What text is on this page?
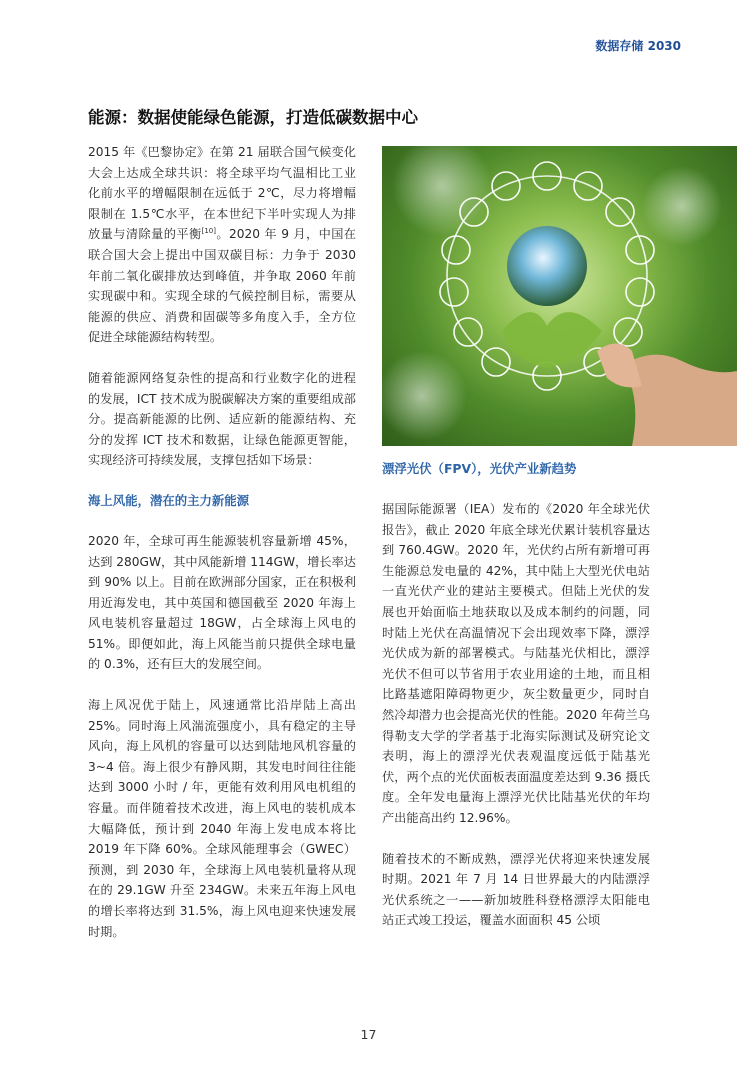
数据存储 2030
能源：数据使能绿色能源，打造低碳数据中心

2015 年《巴黎协定》在第 21 届联合国气候变化大会上达成全球共识：将全球平均气温相比工业化前水平的增幅限制在远低于 2℃，尽力将增幅限制在 1.5℃水平，在本世纪下半叶实现人为排放量与清除量的平衡[10]。2020 年 9 月，中国在联合国大会上提出中国双碳目标：力争于 2030 年前二氧化碳排放达到峰值，并争取 2060 年前实现碳中和。实现全球的气候控制目标，需要从能源的供应、消费和固碳等多角度入手，全方位促进全球能源结构转型。

随着能源网络复杂性的提高和行业数字化的进程的发展，ICT 技术成为脱碳解决方案的重要组成部分。提高新能源的比例、适应新的能源结构、充分的发挥 ICT 技术和数据，让绿色能源更智能，实现经济可持续发展，支撑包括如下场景：

海上风能，潜在的主力新能源

2020 年，全球可再生能源装机容量新增 45%，达到 280GW，其中风能新增 114GW，增长率达到 90% 以上。目前在欧洲部分国家，正在积极利用近海发电，其中英国和德国截至 2020 年海上风电装机容量超过 18GW，占全球海上风电的 51%。即便如此，海上风能当前只提供全球电量的 0.3%，还有巨大的发展空间。

海上风况优于陆上，风速通常比沿岸陆上高出 25%。同时海上风湍流强度小，具有稳定的主导风向，海上风机的容量可以达到陆地风机容量的 3~4 倍。海上很少有静风期，其发电时间往往能达到 3000 小时 / 年，更能有效利用风电机组的容量。而伴随着技术改进，海上风电的装机成本大幅降低，预计到 2040 年海上发电成本将比 2019 年下降 60%。全球风能理事会（GWEC）预测，到 2030 年，全球海上风电装机量将从现在的 29.1GW 升至 234GW。未来五年海上风电的增长率将达到 31.5%，海上风电迎来快速发展时期。

漂浮光伏（FPV），光伏产业新趋势

据国际能源署（IEA）发布的《2020 年全球光伏报告》，截止 2020 年底全球光伏累计装机容量达到 760.4GW。2020 年，光伏约占所有新增可再生能源总发电量的 42%，其中陆上大型光伏电站一直光伏产业的建站主要模式。但陆上光伏的发展也开始面临土地获取以及成本制约的问题，同时陆上光伏在高温情况下会出现效率下降，漂浮光伏成为新的部署模式。与陆基光伏相比，漂浮光伏不但可以节省用于农业用途的土地，而且相比路基遮阳障碍物更少，灰尘数量更少，同时自然冷却潜力也会提高光伏的性能。2020 年荷兰乌得勒支大学的学者基于北海实际测试及研究论文表明，海上的漂浮光伏表观温度远低于陆基光伏，两个点的光伏面板表面温度差达到 9.36 摄氏度。全年发电量海上漂浮光伏比陆基光伏的年均产出能高出约 12.96%。

随着技术的不断成熟，漂浮光伏将迎来快速发展时期。2021 年 7 月 14 日世界最大的内陆漂浮光伏系统之一——新加坡胜科登格漂浮太阳能电站正式竣工投运，覆盖水面面积 45 公顷

17
